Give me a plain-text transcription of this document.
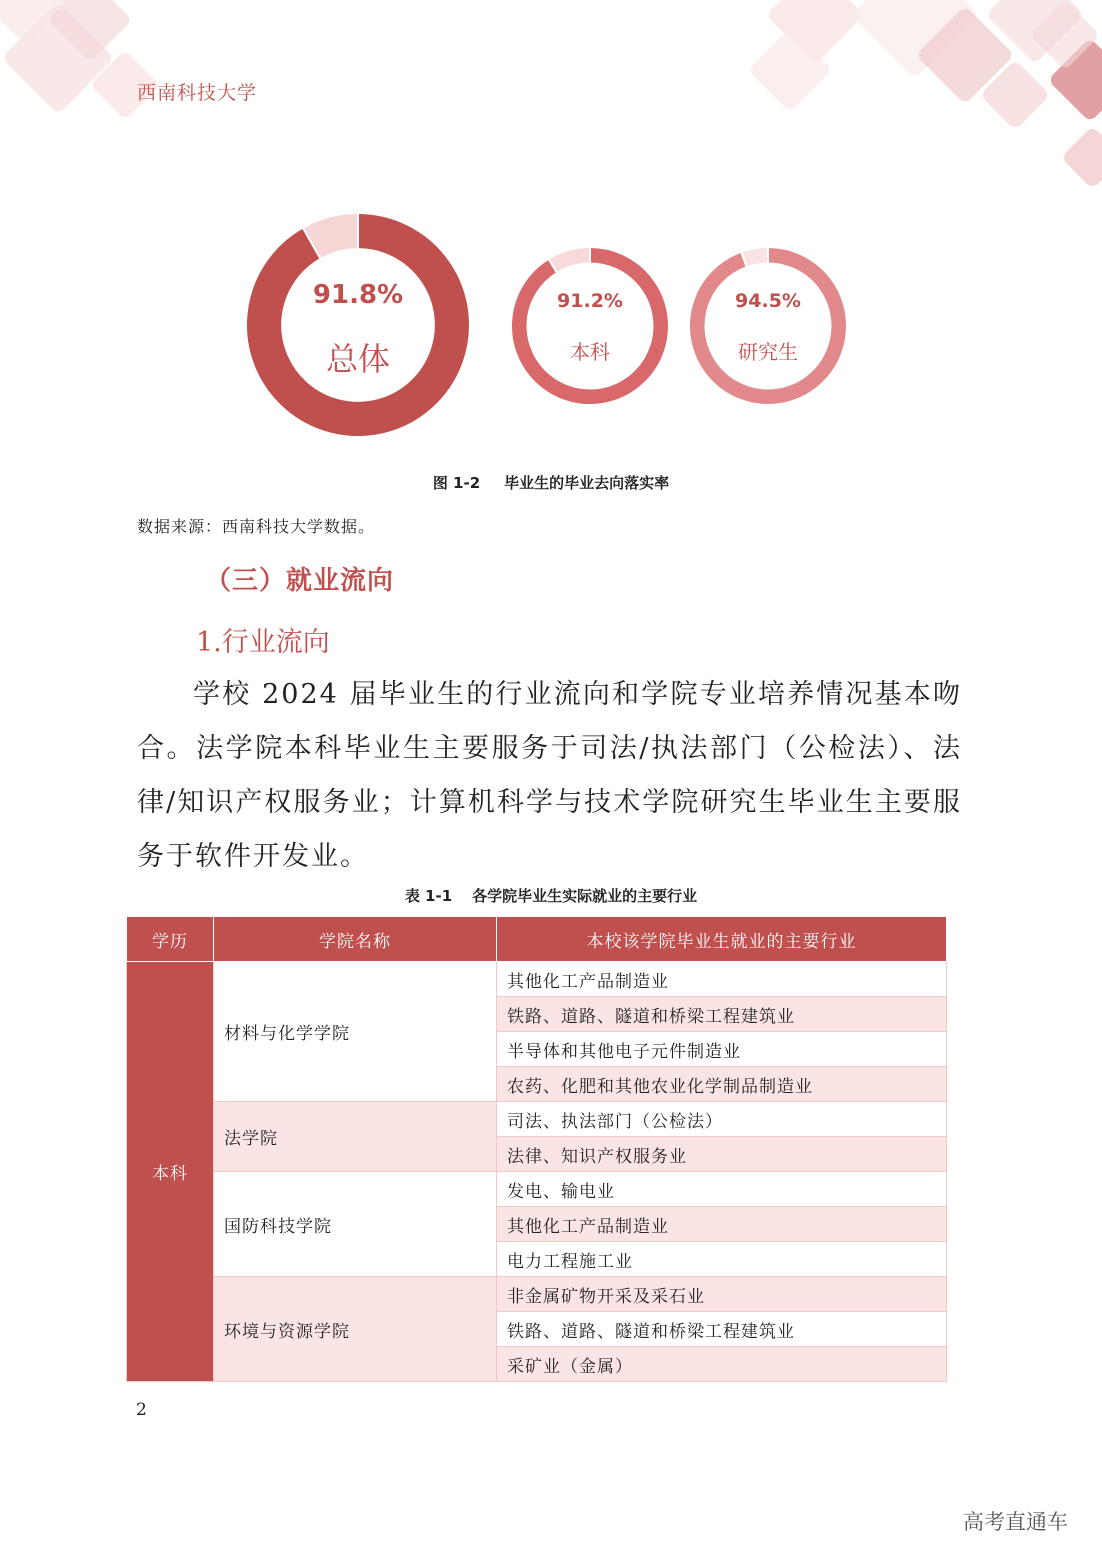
西南科技大学
91.8%
总体
91.2%
本科
94.5%
研究生
图 1-2 毕业生的毕业去向落实率
数据来源：西南科技大学数据。
（三）就业流向
1.行业流向
学校 2024 届毕业生的行业流向和学院专业培养情况基本吻合。法学院本科毕业生主要服务于司法/执法部门（公检法）、法律/知识产权服务业；计算机科学与技术学院研究生毕业生主要服务于软件开发业。
表 1-1 各学院毕业生实际就业的主要行业
学历	学院名称	本校该学院毕业生就业的主要行业
本科	材料与化学学院	其他化工产品制造业
		铁路、道路、隧道和桥梁工程建筑业
		半导体和其他电子元件制造业
		农药、化肥和其他农业化学制品制造业
	法学院	司法、执法部门（公检法）
		法律、知识产权服务业
	国防科技学院	发电、输电业
		其他化工产品制造业
		电力工程施工业
	环境与资源学院	非金属矿物开采及采石业
		铁路、道路、隧道和桥梁工程建筑业
		采矿业（金属）
2
高考直通车
